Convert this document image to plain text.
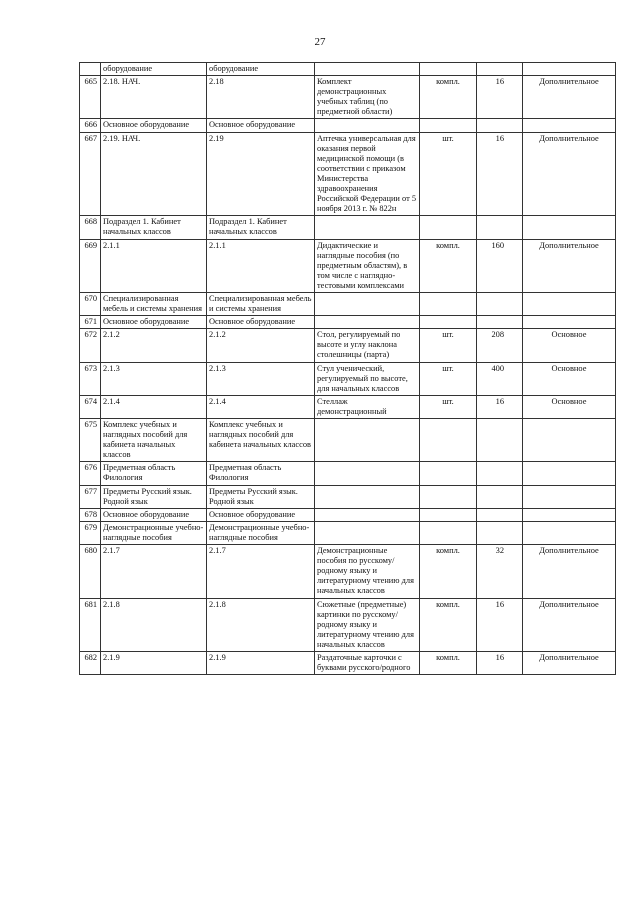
27
	оборудование	оборудование				
665	2.18. НАЧ.	2.18	Комплект демонстрационных учебных таблиц (по предметной области)	компл.	16	Дополнительное
666	Основное оборудование	Основное оборудование				
667	2.19. НАЧ.	2.19	Аптечка универсальная для оказания первой медицинской помощи (в соответствии с приказом Министерства здравоохранения Российской Федерации от 5 ноября 2013 г. № 822н	шт.	16	Дополнительное
668	Подраздел 1. Кабинет начальных классов	Подраздел 1. Кабинет начальных классов				
669	2.1.1	2.1.1	Дидактические и наглядные пособия (по предметным областям), в том числе с наглядно-тестовыми комплексами	компл.	160	Дополнительное
670	Специализированная мебель и системы хранения	Специализированная мебель и системы хранения				
671	Основное оборудование	Основное оборудование				
672	2.1.2	2.1.2	Стол, регулируемый по высоте и углу наклона столешницы (парта)	шт.	208	Основное
673	2.1.3	2.1.3	Стул ученический, регулируемый по высоте, для начальных классов	шт.	400	Основное
674	2.1.4	2.1.4	Стеллаж демонстрационный	шт.	16	Основное
675	Комплекс учебных и наглядных пособий для кабинета начальных классов	Комплекс учебных и наглядных пособий для кабинета начальных классов				
676	Предметная область Филология	Предметная область Филология				
677	Предметы Русский язык. Родной язык	Предметы Русский язык. Родной язык				
678	Основное оборудование	Основное оборудование				
679	Демонстрационные учебно-наглядные пособия	Демонстрационные учебно-наглядные пособия				
680	2.1.7	2.1.7	Демонстрационные пособия по русскому/родному языку и литературному чтению для начальных классов	компл.	32	Дополнительное
681	2.1.8	2.1.8	Сюжетные (предметные) картинки по русскому/родному языку и литературному чтению для начальных классов	компл.	16	Дополнительное
682	2.1.9	2.1.9	Раздаточные карточки с буквами русского/родного	компл.	16	Дополнительное
